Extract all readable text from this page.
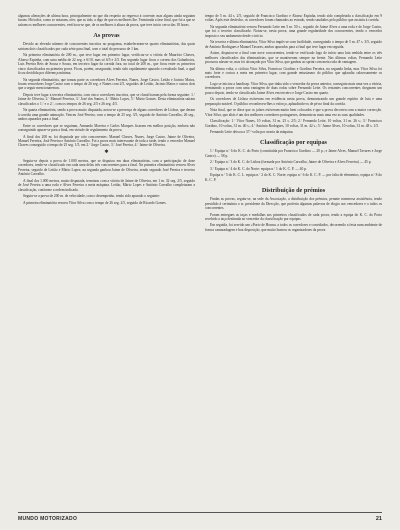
algumas alterações de ultima hora, principalmente no que diz respeito ao regresso à corrente; mas alguns ainda seguiam furam. Há todos, como se notaram, ofer, que as tido, a digo de que os melhores lhe. Terminada a fase final, que foi a que se saíram os melhores concorrentes, verificou-se que, de os melhores à altura da prova, que teve inicio cerca das 18 horas.

As provas

Devido ao elevado número de concorrentes inscritos no programa, estabeleceram-se quatro eliminatórias, das quais sairiam dois classificados por cada série para final, com o total do percurso de 1 km.

Na primeira eliminatória de 200 m., que teve lugar em primeiro lugar, verificou-se a vitória de Maurício Chaves, Alonso Espinha, com uma média de 22 seg. e 6/10, mas só 6/5 e 2/5. Em segundo lugar ficou o correio dos Gafanhotos, Luis Pereira Reis de Sousa e Sousa, em terceiro lugar da corrida fora, no total de 200 m., que ficou entre os primeiros cinco classificados na primeira prova. Ficou, porém, assegurado, tendo sido rapidamente apurado o resultado final, a qual ficou decidida por diferença mínima.

Na segunda eliminatória, que tomou parte os corredores Alves Ferreira, Nunes, Jorge Castro, Leitão e Jacinto Matos, foram vencedores Jorge Castro com o tempo de 26 seg. e Nunes com 2/5, seguidos de Leitão, Jacinto Matos e outros dois que a seguir mencionaremos.

Depois teve lugar a terceira eliminatória, com cinco corredores inscritos, que se classificaram pela forma seguinte: 1.º Jaime de Oliveira, 2.º Manuel Ferreira, 3.º José dos Santos, 4.º Mário Lopes, 5.º Mário Gomes. Desta eliminatória saíram classificados o 1.º e o 2.º, com os tempos de 26 seg. 2/5 e 26 seg. 4/5.

Na quarta eliminatória, sendo a prova muito disputada, notou-se a presença de alguns corredores de Lisboa, que deram à corrida uma grande animação. Venceu José Pereira, com o tempo de 25 seg. 3/5, seguido de António Carvalho, 26 seg., ambos apurados para a final.

Entre os corredores que se seguiram, Armando Moreira e Carlos Marques ficaram em melhor posição, embora não conseguindo apurar-se para a final, em virtude do regulamento da prova.

A final dos 200 m. foi disputada por oito concorrentes: Manuel Chaves, Nunes, Jorge Castro, Jaime de Oliveira, Manuel Ferreira, José Pereira e António Carvalho. Foi a prova mais interessante de toda a tarde, tendo o vencedor Manuel Chaves conseguido o tempo de 25 seg. 1/5, em 2.º Jorge Castro, 3.º José Pereira, 4.º Jaime de Oliveira.

✱

Seguiu-se depois a prova de 1.000 metros, que se disputou em duas eliminatórias, com a participação de doze corredores, tendo-se classificado em cada uma delas três concorrentes para a final. Na primeira eliminatória venceu Alves Ferreira, seguido de Leitão e Mário Lopes; na segunda ganhou Jaime de Oliveira, sendo segundo José Pereira e terceiro António Carvalho.

A final dos 1.000 metros, muito disputada, terminou com a vitória de Jaime de Oliveira, em 1 m. 32 seg. 2/5, seguido de José Pereira a uma roda e Alves Ferreira a meia máquina. Leitão, Mário Lopes e António Carvalho completaram a classificação, conforme a ordem indicada.

Seguiu-se a prova de 200 m. de velocidade, com o desempenho, tendo sido apurado o seguinte:

A primeira eliminatória venceu Vítor Silva com o tempo de 26 seg. 2/5, seguido de Ricardo Gomes.

tempo de 5 m. 44 s. 2/5, seguido de Francisco Gordino e Alonso Espinha, tendo sido completada a classificação em 9 voltas. Após este desfecho, os corredores foram chamados ao estrado, sendo saudados pelo público que assistiu à corrida.

Na segunda eliminatória venceu Fernando Leite em 5 m. 50 s., seguido de Jaime Alves a uma roda e de Jorge Castro, que foi o terceiro classificado. Notou-se, nesta prova, uma grande regularidade dos concorrentes, tendo o vencedor imposto o seu andamento desde o início.

Na terceira e última eliminatória, Vítor Silva impôs-se com facilidade, conseguindo o tempo de 5 m. 47 s. 3/5, seguido de António Rodrigues e Manuel Tavares, ambos apurados para a final que teve lugar em seguida.

Assim, disputou-se a final com nove concorrentes, tendo-se verificado logo de início uma luta renhida entre os três melhores classificados das eliminatórias, que se mantiveram sempre na frente. Nas últimas voltas, Fernando Leite procurou afastar-se, mas foi alcançado por Vítor Silva, que ganhou ao sprint com meia roda de vantagem.

Na última volta, o ciclista Vítor Silva, Francisco Gordino e Gordino Ferreira, na segunda linha, mas Vítor Silva foi mais forte e cortou a meta em primeiro lugar, com grande entusiasmo do público que aplaudiu calorosamente os corredores.

Logo se iniciou a handicap. Vítor Silva, que tinha sido o vencedor da prova anterior, conseguiu mais uma vez a vitória, terminando a prova com uma vantagem de duas rodas sobre Fernando Leite. Os restantes concorrentes chegaram um pouco depois, tendo-se classificado Jaime Alves em terceiro e Jorge Castro em quarto.

Os corredores de Lisboa estiveram em evidência nesta prova, demonstrando um grande espírito de luta e uma preparação notável. O público reconheceu-lhes o esforço, aplaudindo-os de pé no final da corrida.

Nota final, que se disse que os juízes estiveram muito bem colocados e que a prova decorreu com a maior correcção. Vítor Silva, que aliás é um dos melhores corredores portugueses, demonstrou mais uma vez as suas qualidades.

Classificação: 1.º Vítor Nunes, 10 voltas, 31 m. 25 s. 2/5; 2.º Fernando Leite, 10 voltas, 31 m. 26 s.; 3.º Francisco Gordino, 10 voltas, 31 m. 40 s.; 4.º António Rodrigues, 10 voltas, 31 m. 42 s.; 5.º Jaime Alves, 10 voltas, 31 m. 48 s. 1/5.

Fernando Leite deixou a 37.ª volta por avaria da máquina.

Classificação por equipas

1.º Equipa n.º 6 do K. C. do Porto (constituída por Francisco Gordino — 20 p.; e Jaime Alves, Manuel Tavares e Jorge Castro) — 58 p.

2.º Equipa n.º 3 do K. C. de Lisboa (formada por António Carvalho, Jaime de Oliveira e Alves Ferreira) — 45 p.

3.º Equipa n.º 4 do K. C. do Norte: equipa n.º 1 do K. C. P. — 40 p.

Equipa n.º 5 do K. C. L. equipa n.º 2 do K. C. Norte; equipa n.º 6 do K. C. P. — por falta de elementos, equipa n.º 8 do K. C. P.

Distribuição de prémios

Findas as provas, seguiu-se, na sede da Associação, a distribuição dos prémios, perante numerosa assistência, tendo presidido à cerimónia o sr. presidente da Direcção, que proferiu algumas palavras de elogio aos vencedores e a todos os concorrentes.

Foram entregues as taças e medalhas aos primeiros classificados de cada prova, tendo a equipa do K. C. do Porto recebido a taça destinada ao vencedor da classificação por equipas.

Em seguida, foi servido um «Porto de Honra» a todos os corredores e convidados, decorrendo a festa num ambiente de franca camaradagem e boa disposição, que muito honrou os organizadores da prova.

MUNDO MOTORIZADO	21
